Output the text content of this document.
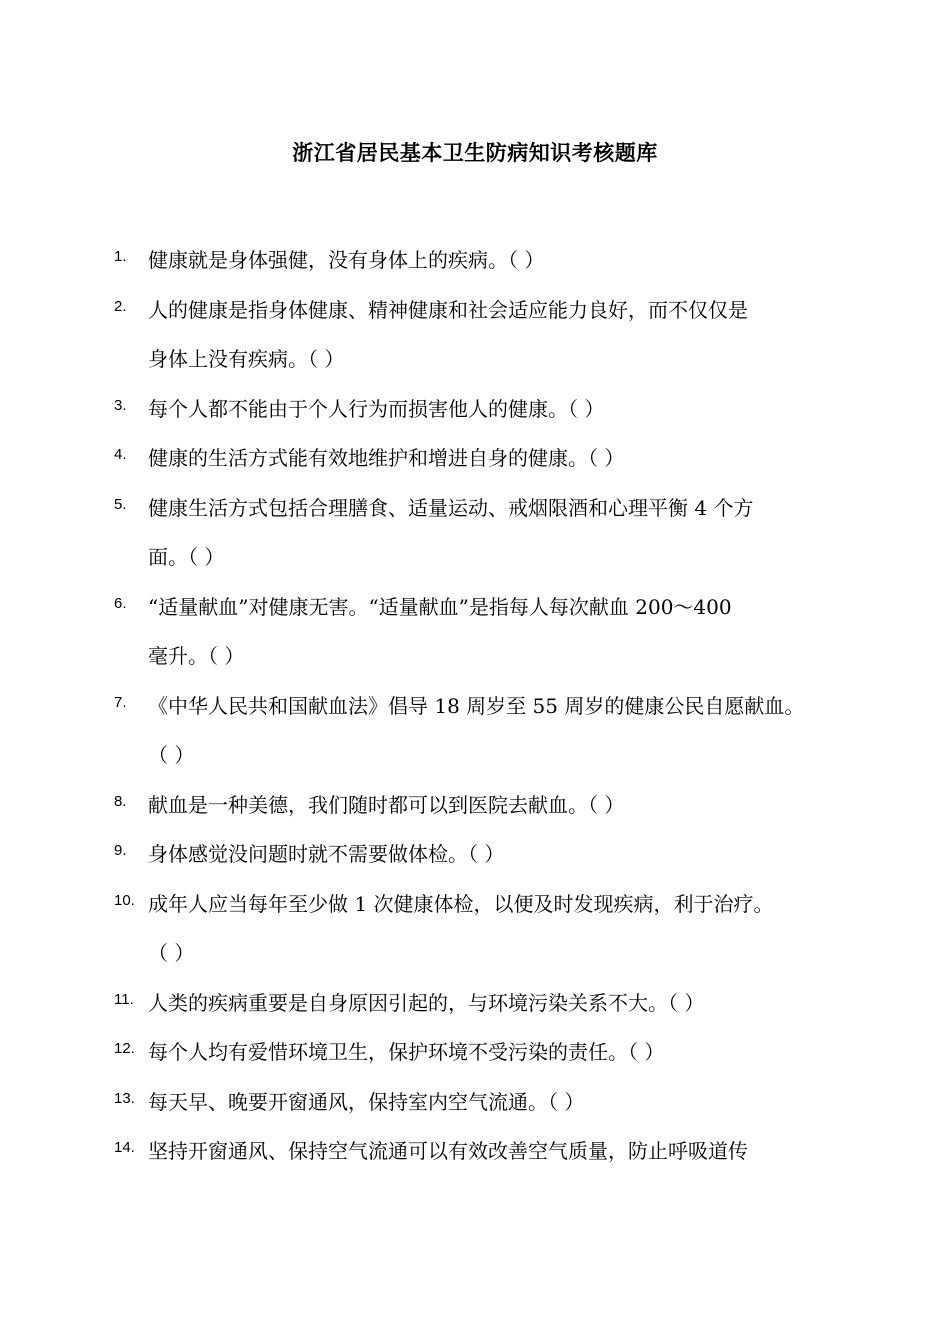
浙江省居民基本卫生防病知识考核题库
1.	健康就是身体强健，没有身体上的疾病。（ ）
2.	人的健康是指身体健康、精神健康和社会适应能力良好，而不仅仅是
身体上没有疾病。（ ）
3.	每个人都不能由于个人行为而损害他人的健康。（ ）
4.	健康的生活方式能有效地维护和增进自身的健康。（ ）
5.	健康生活方式包括合理膳食、适量运动、戒烟限酒和心理平衡 4 个方
面。（ ）
6.	“适量献血”对健康无害。“适量献血”是指每人每次献血 200～400
毫升。（ ）
7.	《中华人民共和国献血法》倡导 18 周岁至 55 周岁的健康公民自愿献血。
（ ）
8.	献血是一种美德，我们随时都可以到医院去献血。（ ）
9.	身体感觉没问题时就不需要做体检。（ ）
10. 成年人应当每年至少做 1 次健康体检，以便及时发现疾病，利于治疗。
（ ）
11. 人类的疾病重要是自身原因引起的，与环境污染关系不大。（ ）
12. 每个人均有爱惜环境卫生，保护环境不受污染的责任。（ ）
13. 每天早、晚要开窗通风，保持室内空气流通。（ ）
14. 坚持开窗通风、保持空气流通可以有效改善空气质量，防止呼吸道传
